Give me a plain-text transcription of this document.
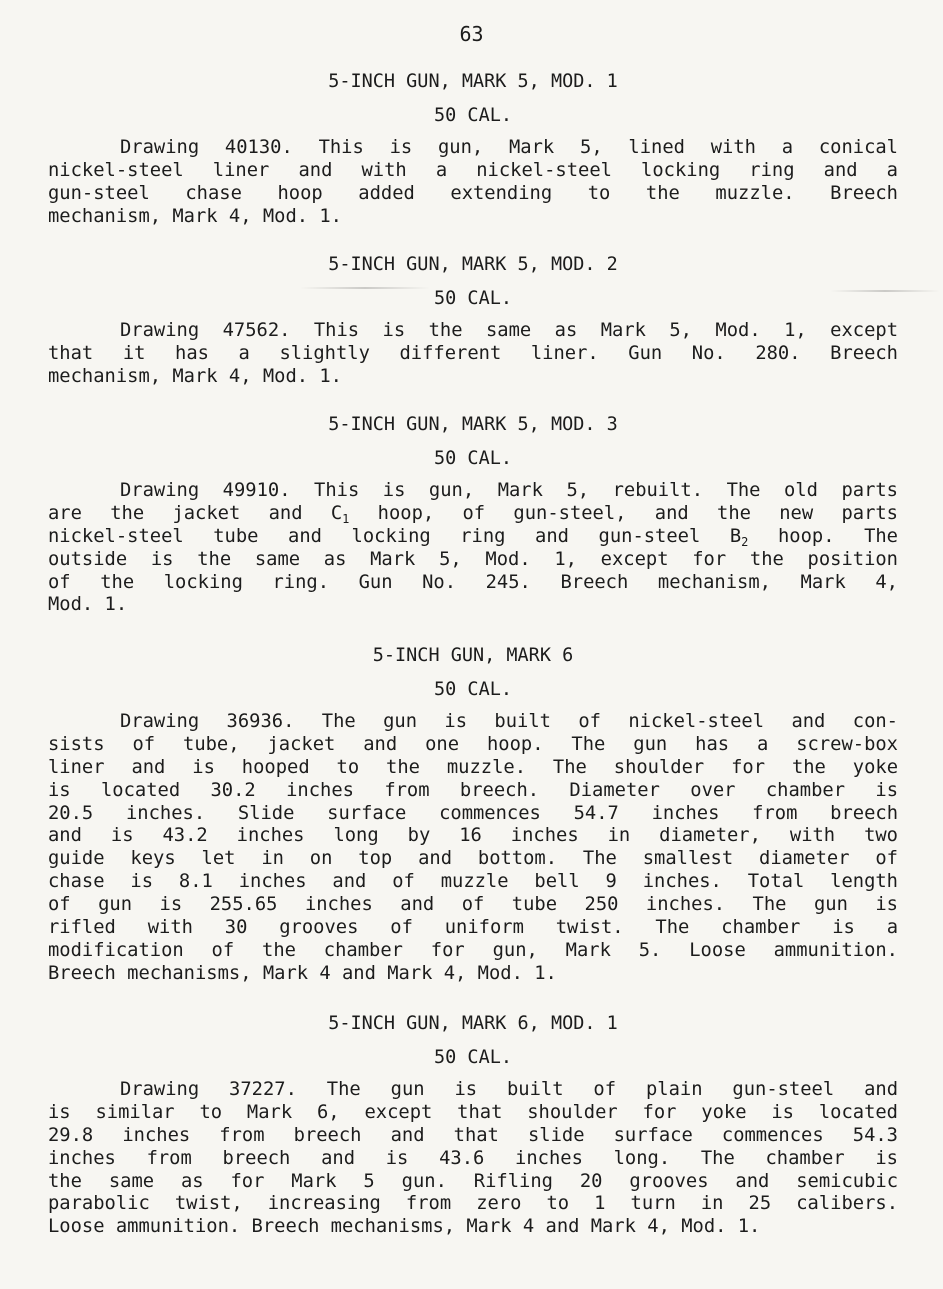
63
5-INCH GUN, MARK 5, MOD. 1
50 CAL.
Drawing 40130. This is gun, Mark 5, lined with a conical
nickel-steel liner and with a nickel-steel locking ring and a
gun-steel chase hoop added extending to the muzzle. Breech
mechanism, Mark 4, Mod. 1.
5-INCH GUN, MARK 5, MOD. 2
50 CAL.
Drawing 47562. This is the same as Mark 5, Mod. 1, except
that it has a slightly different liner. Gun No. 280. Breech
mechanism, Mark 4, Mod. 1.
5-INCH GUN, MARK 5, MOD. 3
50 CAL.
Drawing 49910. This is gun, Mark 5, rebuilt. The old parts
are the jacket and $C_1$ hoop, of gun-steel, and the new parts
nickel-steel tube and locking ring and gun-steel $B_2$ hoop. The
outside is the same as Mark 5, Mod. 1, except for the position
of the locking ring. Gun No. 245. Breech mechanism, Mark 4,
Mod. 1.
5-INCH GUN, MARK 6
50 CAL.
Drawing 36936. The gun is built of nickel-steel and con-
sists of tube, jacket and one hoop. The gun has a screw-box
liner and is hooped to the muzzle. The shoulder for the yoke
is located 30.2 inches from breech. Diameter over chamber is
20.5 inches. Slide surface commences 54.7 inches from breech
and is 43.2 inches long by 16 inches in diameter, with two
guide keys let in on top and bottom. The smallest diameter of
chase is 8.1 inches and of muzzle bell 9 inches. Total length
of gun is 255.65 inches and of tube 250 inches. The gun is
rifled with 30 grooves of uniform twist. The chamber is a
modification of the chamber for gun, Mark 5. Loose ammunition.
Breech mechanisms, Mark 4 and Mark 4, Mod. 1.
5-INCH GUN, MARK 6, MOD. 1
50 CAL.
Drawing 37227. The gun is built of plain gun-steel and
is similar to Mark 6, except that shoulder for yoke is located
29.8 inches from breech and that slide surface commences 54.3
inches from breech and is 43.6 inches long. The chamber is
the same as for Mark 5 gun. Rifling 20 grooves and semicubic
parabolic twist, increasing from zero to 1 turn in 25 calibers.
Loose ammunition. Breech mechanisms, Mark 4 and Mark 4, Mod. 1.
